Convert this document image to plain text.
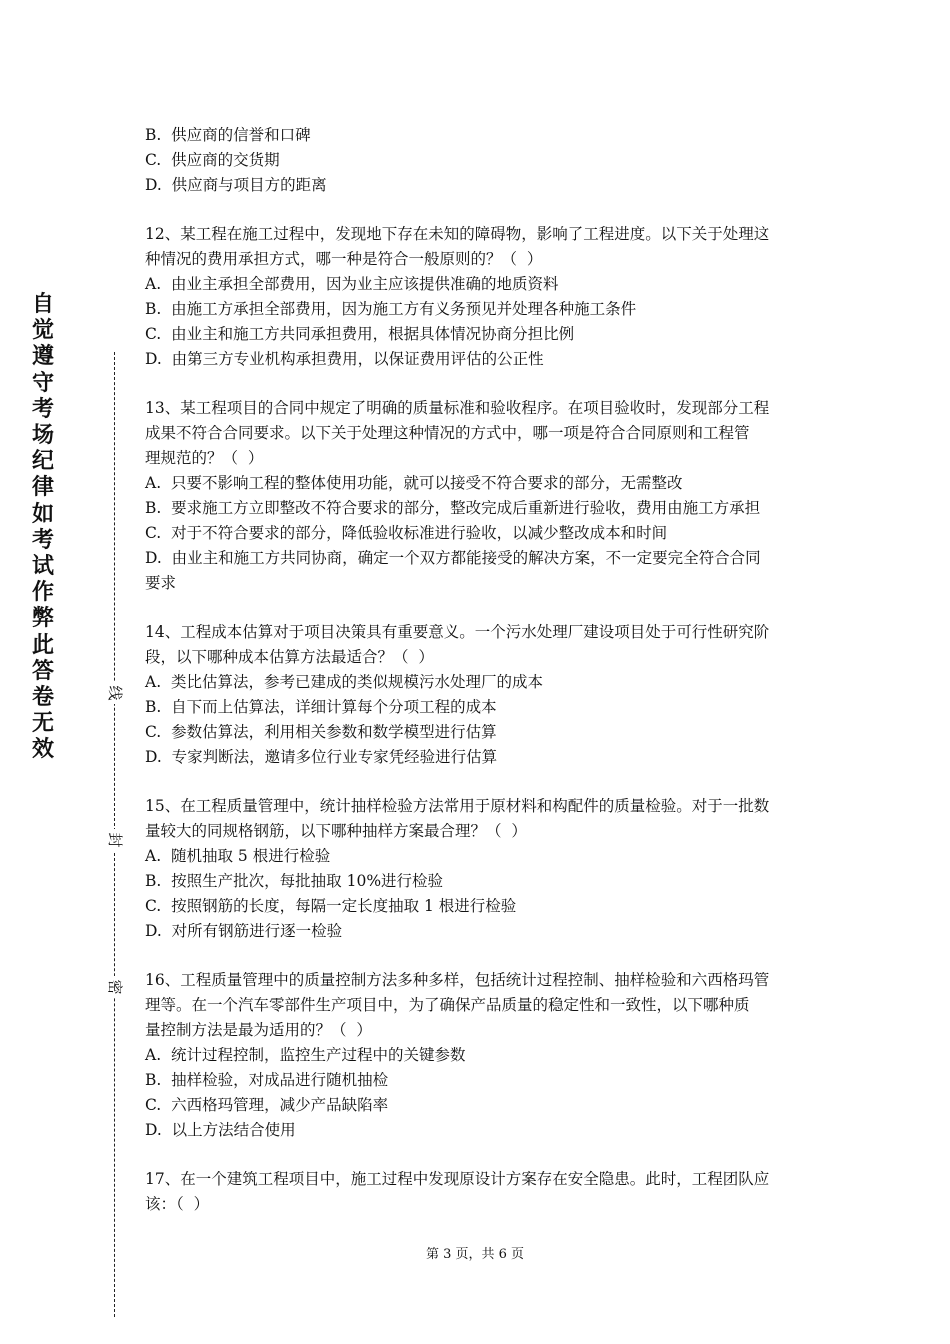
自觉遵守考场纪律如考试作弊此答卷无效
线
封
密
B.  供应商的信誉和口碑
C.  供应商的交货期
D.  供应商与项目方的距离
12、某工程在施工过程中，发现地下存在未知的障碍物，影响了工程进度。以下关于处理这
种情况的费用承担方式，哪一种是符合一般原则的？（  ）
A.  由业主承担全部费用，因为业主应该提供准确的地质资料
B.  由施工方承担全部费用，因为施工方有义务预见并处理各种施工条件
C.  由业主和施工方共同承担费用，根据具体情况协商分担比例
D.  由第三方专业机构承担费用，以保证费用评估的公正性
13、某工程项目的合同中规定了明确的质量标准和验收程序。在项目验收时，发现部分工程
成果不符合合同要求。以下关于处理这种情况的方式中，哪一项是符合合同原则和工程管
理规范的？（  ）
A.  只要不影响工程的整体使用功能，就可以接受不符合要求的部分，无需整改
B.  要求施工方立即整改不符合要求的部分，整改完成后重新进行验收，费用由施工方承担
C.  对于不符合要求的部分，降低验收标准进行验收，以减少整改成本和时间
D.  由业主和施工方共同协商，确定一个双方都能接受的解决方案，不一定要完全符合合同
要求
14、工程成本估算对于项目决策具有重要意义。一个污水处理厂建设项目处于可行性研究阶
段，以下哪种成本估算方法最适合？（  ）
A.  类比估算法，参考已建成的类似规模污水处理厂的成本
B.  自下而上估算法，详细计算每个分项工程的成本
C.  参数估算法，利用相关参数和数学模型进行估算
D.  专家判断法，邀请多位行业专家凭经验进行估算
15、在工程质量管理中，统计抽样检验方法常用于原材料和构配件的质量检验。对于一批数
量较大的同规格钢筋，以下哪种抽样方案最合理？（  ）
A.  随机抽取 5 根进行检验
B.  按照生产批次，每批抽取 10%进行检验
C.  按照钢筋的长度，每隔一定长度抽取 1 根进行检验
D.  对所有钢筋进行逐一检验
16、工程质量管理中的质量控制方法多种多样，包括统计过程控制、抽样检验和六西格玛管
理等。在一个汽车零部件生产项目中，为了确保产品质量的稳定性和一致性，以下哪种质
量控制方法是最为适用的？（  ）
A.  统计过程控制，监控生产过程中的关键参数
B.  抽样检验，对成品进行随机抽检
C.  六西格玛管理，减少产品缺陷率
D.  以上方法结合使用
17、在一个建筑工程项目中，施工过程中发现原设计方案存在安全隐患。此时，工程团队应
该：（  ）
第 3 页，共 6 页
